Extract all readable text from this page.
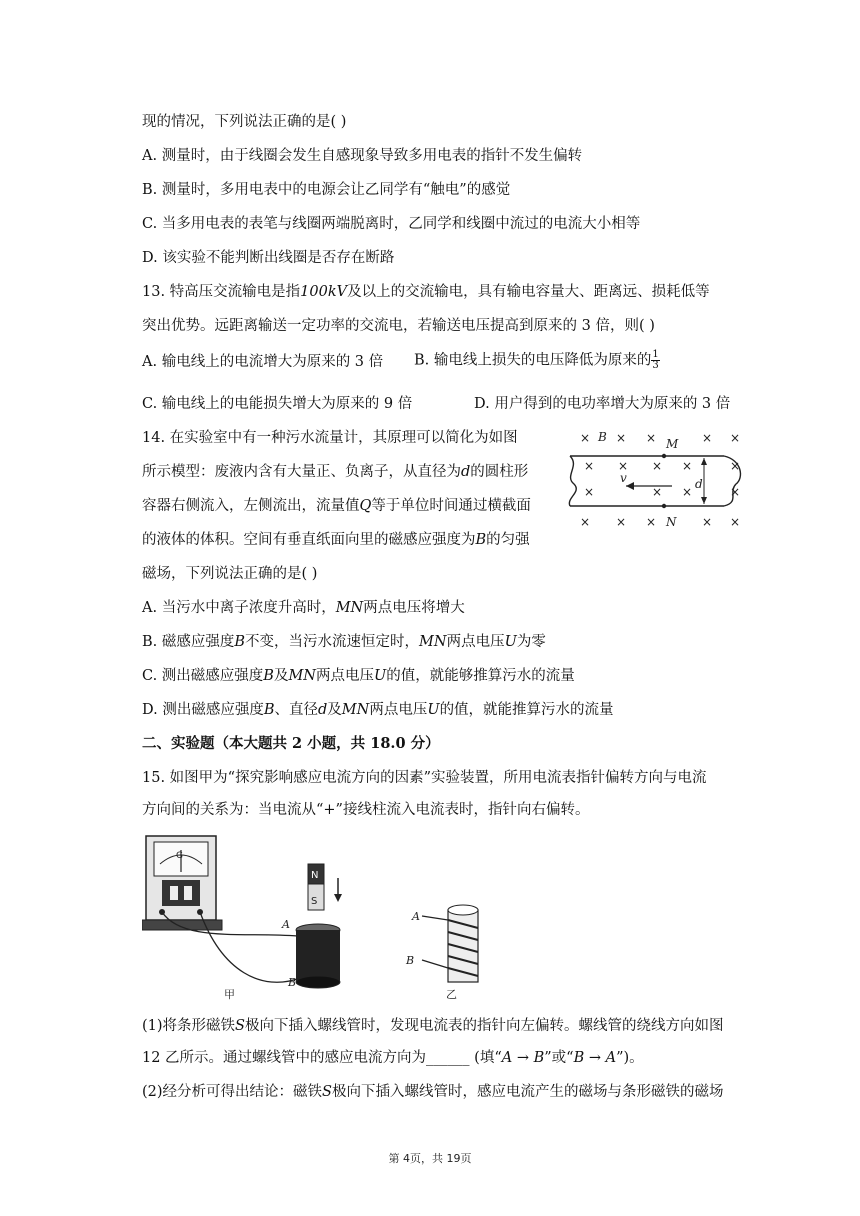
现的情况，下列说法正确的是( )
A. 测量时，由于线圈会发生自感现象导致多用电表的指针不发生偏转
B. 测量时，多用电表中的电源会让乙同学有“触电”的感觉
C. 当多用电表的表笔与线圈两端脱离时，乙同学和线圈中流过的电流大小相等
D. 该实验不能判断出线圈是否存在断路
13. 特高压交流输电是指100kV及以上的交流输电，具有输电容量大、距离远、损耗低等
突出优势。远距离输送一定功率的交流电，若输送电压提高到原来的 3 倍，则( )
A. 输电线上的电流增大为原来的 3 倍 B. 输电线上损失的电压降低为原来的 $\frac{1}{3}$
C. 输电线上的电能损失增大为原来的 9 倍	D. 用户得到的电功率增大为原来的 3 倍
14. 在实验室中有一种污水流量计，其原理可以简化为如图
所示模型：废液内含有大量正、负离子，从直径为d的圆柱形
容器右侧流入，左侧流出，流量值Q等于单位时间通过横截面
的液体的体积。空间有垂直纸面向里的磁感应强度为B的匀强
磁场，下列说法正确的是( )
× × ×	× ×
× × × ×
×	× ×
× × ×	× ×
×
×
B	M
N
v	d
A. 当污水中离子浓度升高时，MN两点电压将增大
B. 磁感应强度B不变，当污水流速恒定时，MN两点电压U为零
C. 测出磁感应强度B及MN两点电压U的值，就能够推算污水的流量
D. 测出磁感应强度B、直径d及MN两点电压U的值，就能推算污水的流量
二、实验题（本大题共 2 小题，共 18.0 分）
15. 如图甲为“探究影响感应电流方向的因素”实验装置，所用电流表指针偏转方向与电流
方向间的关系为：当电流从“+”接线柱流入电流表时，指针向右偏转。
G
N
S
A
B
甲
A
B
乙
(1)将条形磁铁S极向下插入螺线管时，发现电流表的指针向左偏转。螺线管的绕线方向如图
12 乙所示。通过螺线管中的感应电流方向为______ (填“A → B”或“B → A”)。
(2)经分析可得出结论：磁铁S极向下插入螺线管时，感应电流产生的磁场与条形磁铁的磁场
第 4页，共 19页
